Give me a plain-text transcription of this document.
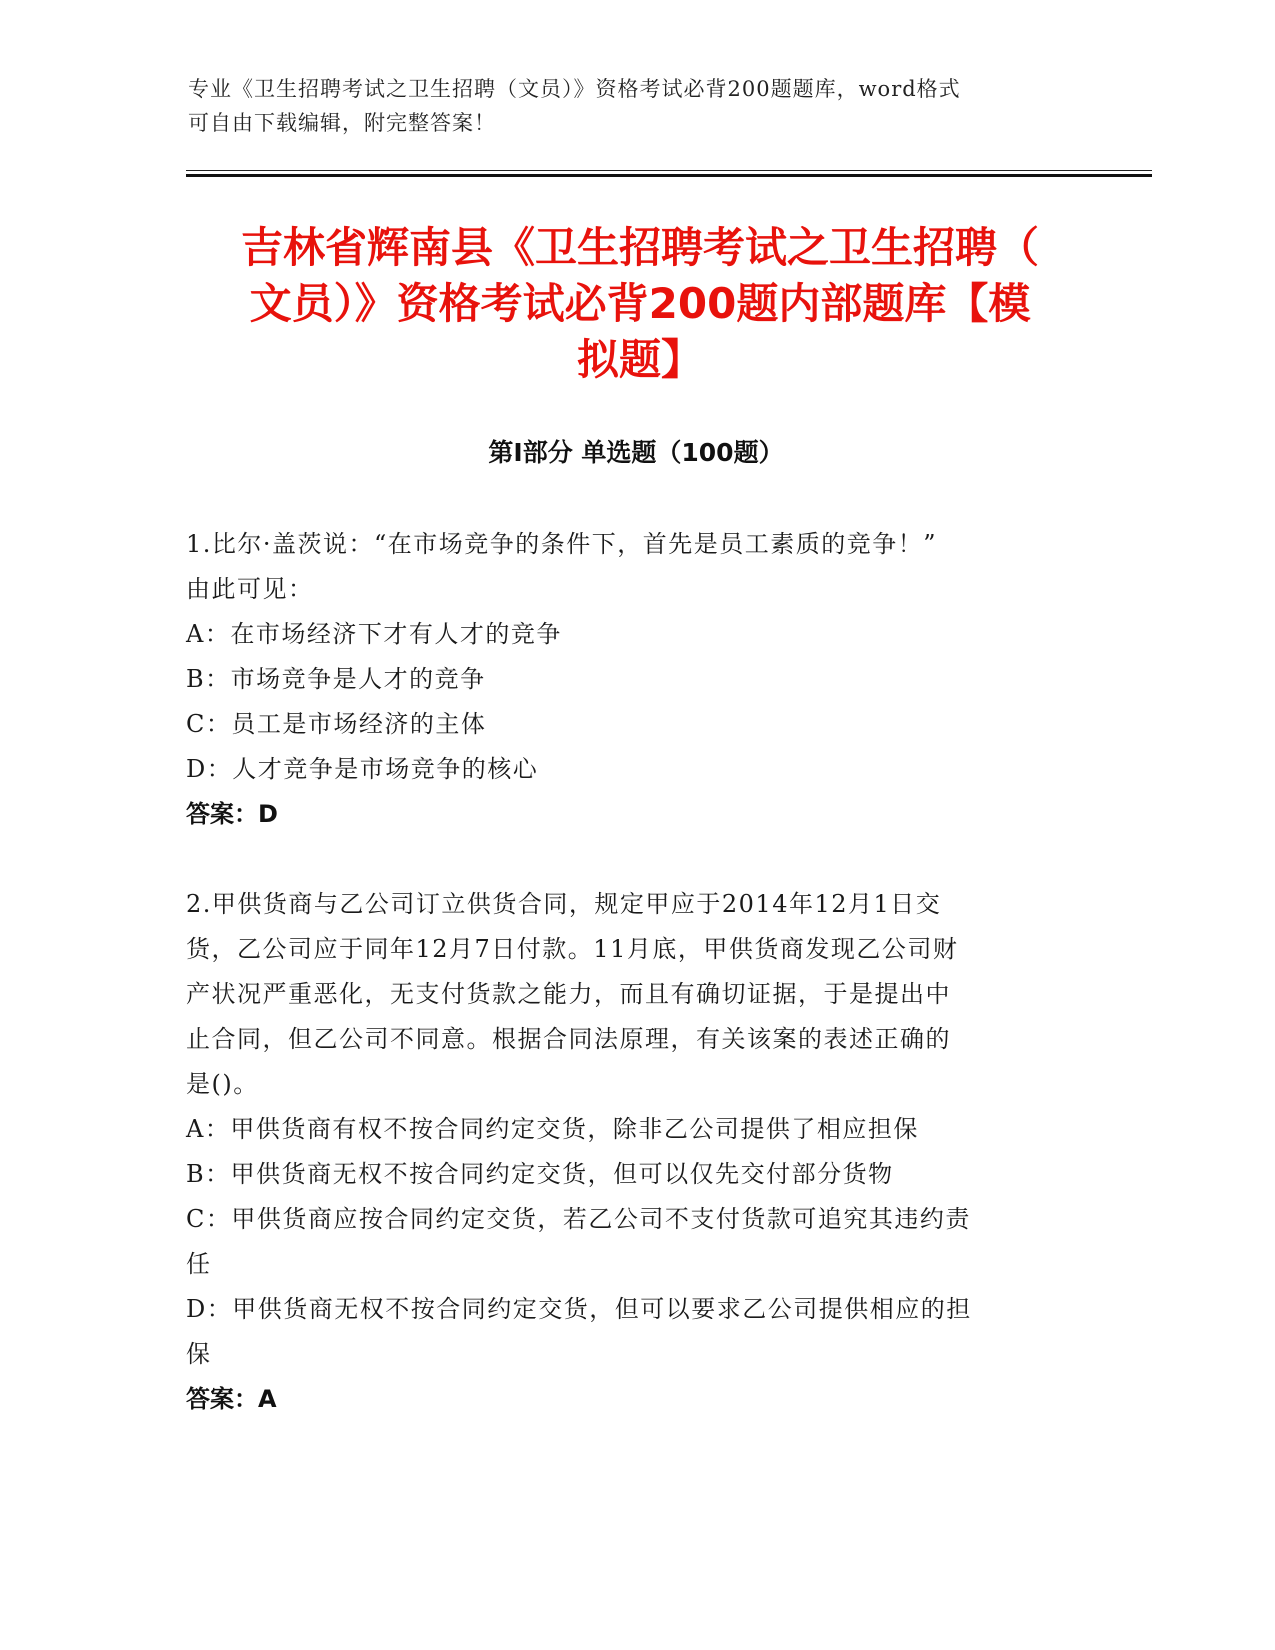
专业《卫生招聘考试之卫生招聘（文员）》资格考试必背200题题库，word格式
可自由下载编辑，附完整答案！
吉林省辉南县《卫生招聘考试之卫生招聘（
文员）》资格考试必背200题内部题库【模
拟题】
第Ⅰ部分 单选题（100题）

1.比尔·盖茨说：“在市场竞争的条件下，首先是员工素质的竞争！”
由此可见：

A：在市场经济下才有人才的竞争

B：市场竞争是人才的竞争

C：员工是市场经济的主体

D：人才竞争是市场竞争的核心

答案：D

2.甲供货商与乙公司订立供货合同，规定甲应于2014年12月1日交
货，乙公司应于同年12月7日付款。11月底，甲供货商发现乙公司财
产状况严重恶化，无支付货款之能力，而且有确切证据，于是提出中
止合同，但乙公司不同意。根据合同法原理，有关该案的表述正确的
是()。

A：甲供货商有权不按合同约定交货，除非乙公司提供了相应担保

B：甲供货商无权不按合同约定交货，但可以仅先交付部分货物

C：甲供货商应按合同约定交货，若乙公司不支付货款可追究其违约责
任

D：甲供货商无权不按合同约定交货，但可以要求乙公司提供相应的担
保

答案：A
